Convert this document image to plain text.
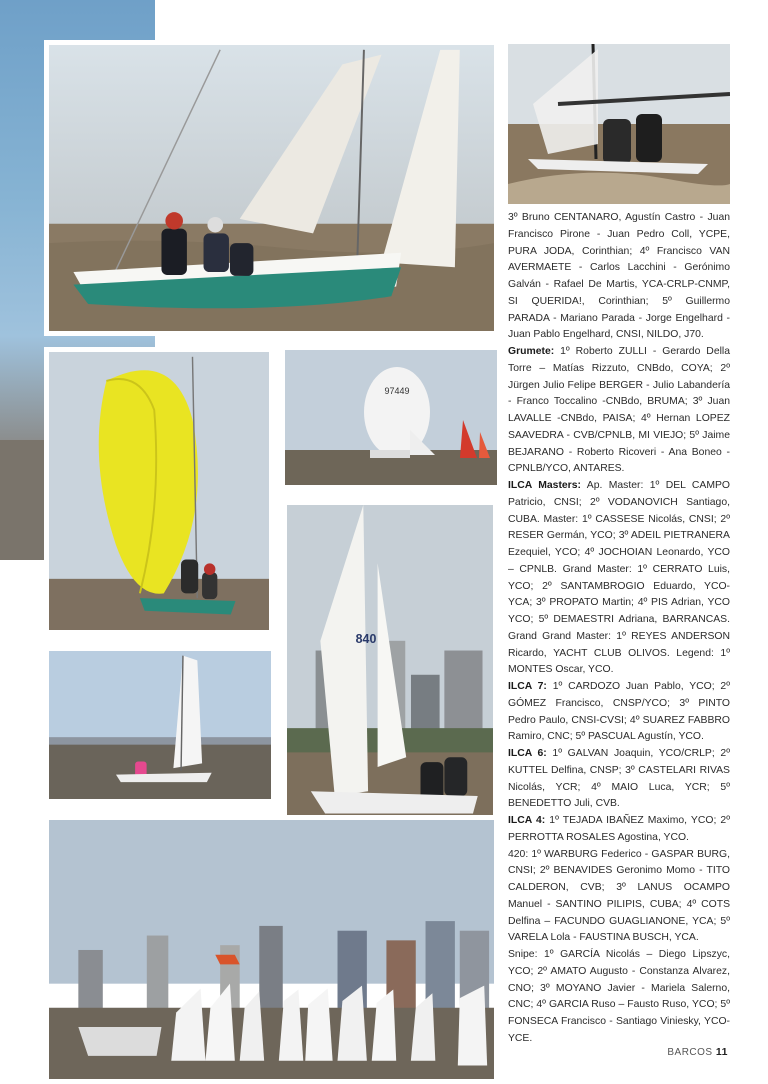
97449
840

3º Bruno CENTANARO, Agustín Castro - Juan Francisco Pirone - Juan Pedro Coll, YCPE, PURA JODA, Corinthian; 4º Francisco VAN AVERMAETE - Carlos Lacchini - Gerónimo Galván - Rafael De Martis, YCA-CRLP-CNMP, SI QUERIDA!, Corinthian; 5º Guillermo PARADA - Mariano Parada - Jorge Engelhard - Juan Pablo Engelhard, CNSI, NILDO, J70.

Grumete: 1º Roberto ZULLI - Gerardo Della Torre – Matías Rizzuto, CNBdo, COYA; 2º Jürgen Julio Felipe BERGER - Julio Labandería - Franco Toccalino -CNBdo, BRUMA; 3º Juan LAVALLE -CNBdo, PAISA; 4º Hernan LOPEZ SAAVEDRA - CVB/CPNLB, MI VIEJO; 5º Jaime BEJARANO - Roberto Ricoveri - Ana Boneo -CPNLB/YCO, ANTARES.

ILCA Masters: Ap. Master: 1º DEL CAMPO Patricio, CNSI; 2º VODANOVICH Santiago, CUBA. Master: 1º CASSESE Nicolás, CNSI; 2º RESER Germán, YCO; 3º ADEIL PIETRANERA Ezequiel, YCO; 4º JOCHOIAN Leonardo, YCO – CPNLB. Grand Master: 1º CERRATO Luis, YCO; 2º SANTAMBROGIO Eduardo, YCO-YCA; 3º PROPATO Martin; 4º PIS Adrian, YCO YCO; 5º DEMAESTRI Adriana, BARRANCAS. Grand Grand Master: 1º REYES ANDERSON Ricardo, YACHT CLUB OLIVOS. Legend: 1º MONTES Oscar, YCO.

ILCA 7: 1º CARDOZO Juan Pablo, YCO; 2º GÓMEZ Francisco, CNSP/YCO; 3º PINTO Pedro Paulo, CNSI-CVSI; 4º SUAREZ FABBRO Ramiro, CNC; 5º PASCUAL Agustín, YCO.

ILCA 6: 1º GALVAN Joaquin, YCO/CRLP; 2º KUTTEL Delfina, CNSP; 3º CASTELARI RIVAS Nicolás, YCR; 4º MAIO Luca, YCR; 5º BENEDETTO Juli, CVB.

ILCA 4: 1º TEJADA IBAÑEZ Maximo, YCO; 2º PERROTTA ROSALES Agostina, YCO.

420: 1º WARBURG Federico - GASPAR BURG, CNSI; 2º BENAVIDES Geronimo Momo - TITO CALDERON, CVB; 3º LANUS OCAMPO Manuel - SANTINO PILIPIS, CUBA; 4º COTS Delfina – FACUNDO GUAGLIANONE, YCA; 5º VARELA Lola - FAUSTINA BUSCH, YCA.

Snipe: 1º GARCÍA Nicolás – Diego Lipszyc, YCO; 2º AMATO Augusto - Constanza Alvarez, CNO; 3º MOYANO Javier - Mariela Salerno, CNC; 4º GARCIA Ruso – Fausto Ruso, YCO; 5º FONSECA Francisco - Santiago Viniesky, YCO- YCE.

BARCOS 11
